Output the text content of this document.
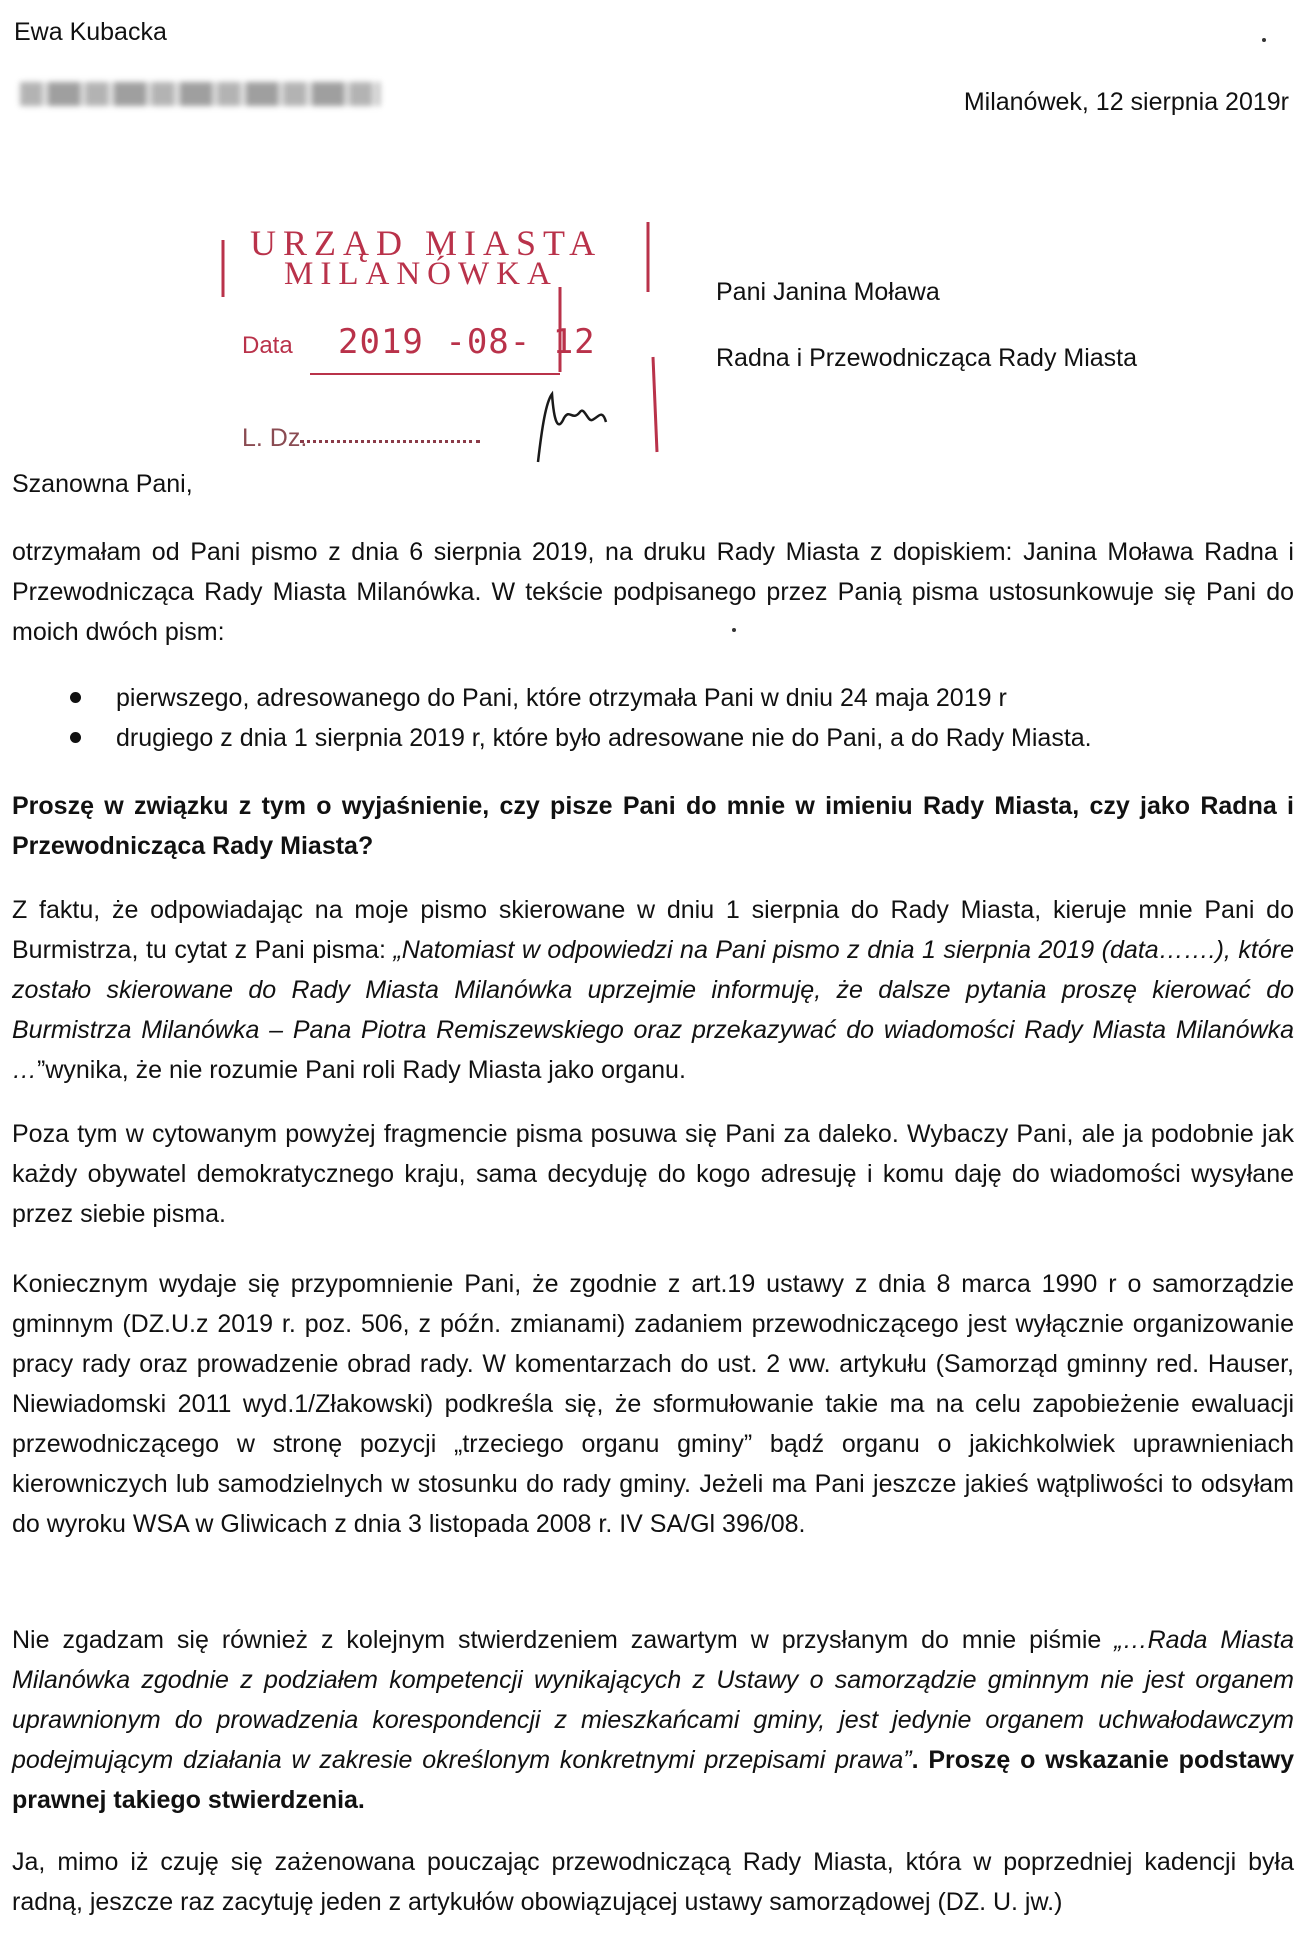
Ewa Kubacka
Milanówek, 12 sierpnia 2019r
URZĄD MIASTA
MILANÓWKA
Data 2019 -08- 12
L. Dz.
Pani Janina Moława
Radna i Przewodnicząca Rady Miasta
Szanowna Pani,
otrzymałam od Pani pismo z dnia 6 sierpnia 2019, na druku Rady Miasta z dopiskiem: Janina Moława Radna i Przewodnicząca Rady Miasta Milanówka. W tekście podpisanego przez Panią pisma ustosunkowuje się Pani do moich dwóch pism:
pierwszego, adresowanego do Pani, które otrzymała Pani w dniu 24 maja 2019 r
drugiego z dnia 1 sierpnia 2019 r, które było adresowane nie do Pani, a do Rady Miasta.
Proszę w związku z tym o wyjaśnienie, czy pisze Pani do mnie w imieniu Rady Miasta, czy jako Radna i Przewodnicząca Rady Miasta?
Z faktu, że odpowiadając na moje pismo skierowane w dniu 1 sierpnia do Rady Miasta, kieruje mnie Pani do Burmistrza, tu cytat z Pani pisma: „Natomiast w odpowiedzi na Pani pismo z dnia 1 sierpnia 2019 (data…….), które zostało skierowane do Rady Miasta Milanówka uprzejmie informuję, że dalsze pytania proszę kierować do Burmistrza Milanówka – Pana Piotra Remiszewskiego oraz przekazywać do wiadomości Rady Miasta Milanówka …”wynika, że nie rozumie Pani roli Rady Miasta jako organu.
Poza tym w cytowanym powyżej fragmencie pisma posuwa się Pani za daleko. Wybaczy Pani, ale ja podobnie jak każdy obywatel demokratycznego kraju, sama decyduję do kogo adresuję i komu daję do wiadomości wysyłane przez siebie pisma.
Koniecznym wydaje się przypomnienie Pani, że zgodnie z art.19 ustawy z dnia 8 marca 1990 r o samorządzie gminnym (DZ.U.z 2019 r. poz. 506, z późn. zmianami) zadaniem przewodniczącego jest wyłącznie organizowanie pracy rady oraz prowadzenie obrad rady. W komentarzach do ust. 2 ww. artykułu (Samorząd gminny red. Hauser, Niewiadomski 2011 wyd.1/Złakowski) podkreśla się, że sformułowanie takie ma na celu zapobieżenie ewaluacji przewodniczącego w stronę pozycji „trzeciego organu gminy” bądź organu o jakichkolwiek uprawnieniach kierowniczych lub samodzielnych w stosunku do rady gminy. Jeżeli ma Pani jeszcze jakieś wątpliwości to odsyłam do wyroku WSA w Gliwicach z dnia 3 listopada 2008 r. IV SA/Gl 396/08.
Nie zgadzam się również z kolejnym stwierdzeniem zawartym w przysłanym do mnie piśmie „…Rada Miasta Milanówka zgodnie z podziałem kompetencji wynikających z Ustawy o samorządzie gminnym nie jest organem uprawnionym do prowadzenia korespondencji z mieszkańcami gminy, jest jedynie organem uchwałodawczym podejmującym działania w zakresie określonym konkretnymi przepisami prawa”. Proszę o wskazanie podstawy prawnej takiego stwierdzenia.
Ja, mimo iż czuję się zażenowana pouczając przewodniczącą Rady Miasta, która w poprzedniej kadencji była radną, jeszcze raz zacytuję jeden z artykułów obowiązującej ustawy samorządowej (DZ. U. jw.)
